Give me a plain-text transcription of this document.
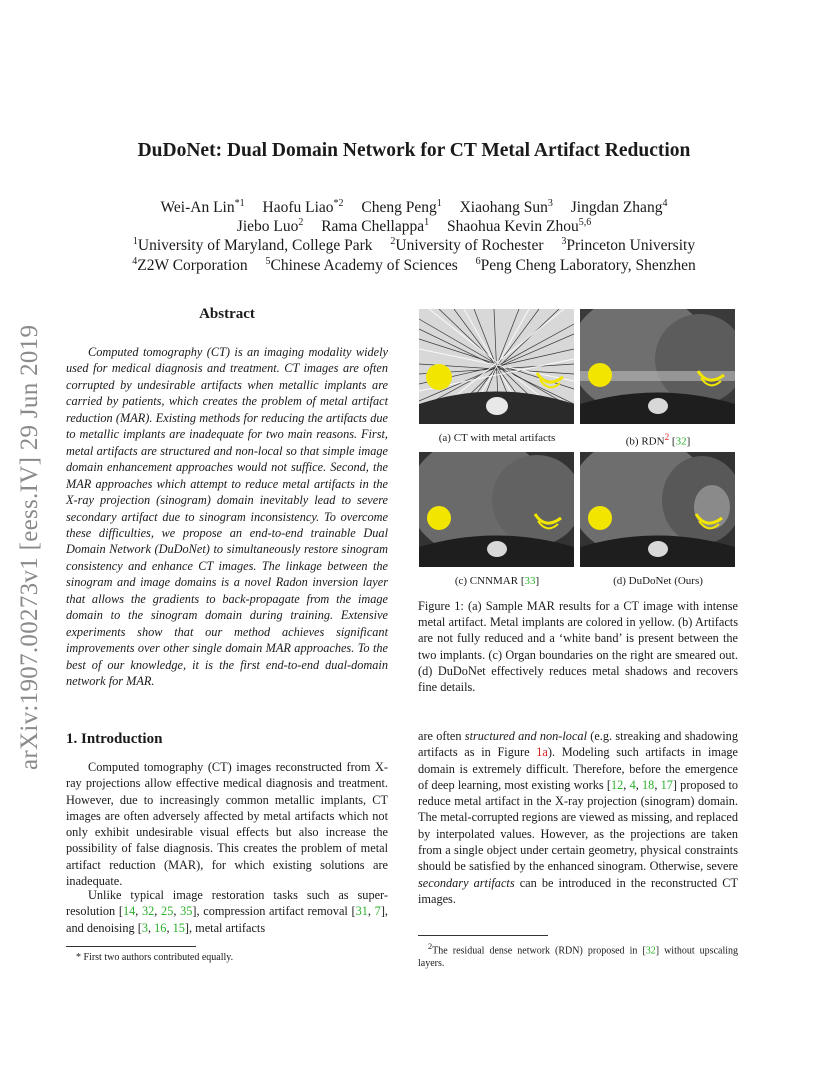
arXiv:1907.00273v1 [eess.IV] 29 Jun 2019
DuDoNet: Dual Domain Network for CT Metal Artifact Reduction
Wei-An Lin$^{*1}$ Haofu Liao$^{*2}$ Cheng Peng$^1$ Xiaohang Sun$^3$ Jingdan Zhang$^4$
Jiebo Luo$^2$ Rama Chellappa$^1$ Shaohua Kevin Zhou$^{5,6}$
$^1$University of Maryland, College Park $^2$University of Rochester $^3$Princeton University
$^4$Z2W Corporation $^5$Chinese Academy of Sciences $^6$Peng Cheng Laboratory, Shenzhen
Abstract

Computed tomography (CT) is an imaging modality widely used for medical diagnosis and treatment. CT images are often corrupted by undesirable artifacts when metallic implants are carried by patients, which creates the problem of metal artifact reduction (MAR). Existing methods for reducing the artifacts due to metallic implants are inadequate for two main reasons. First, metal artifacts are structured and non-local so that simple image domain enhancement approaches would not suffice. Second, the MAR approaches which attempt to reduce metal artifacts in the X-ray projection (sinogram) domain inevitably lead to severe secondary artifact due to sinogram inconsistency. To overcome these difficulties, we propose an end-to-end trainable Dual Domain Network (DuDoNet) to simultaneously restore sinogram consistency and enhance CT images. The linkage between the sinogram and image domains is a novel Radon inversion layer that allows the gradients to back-propagate from the image domain to the sinogram domain during training. Extensive experiments show that our method achieves significant improvements over other single domain MAR approaches. To the best of our knowledge, it is the first end-to-end dual-domain network for MAR.

1. Introduction

Computed tomography (CT) images reconstructed from X-ray projections allow effective medical diagnosis and treatment. However, due to increasingly common metallic implants, CT images are often adversely affected by metal artifacts which not only exhibit undesirable visual effects but also increase the possibility of false diagnosis. This creates the problem of metal artifact reduction (MAR), for which existing solutions are inadequate.

Unlike typical image restoration tasks such as super-resolution [14, 32, 25, 35], compression artifact removal [31, 7], and denoising [3, 16, 15], metal artifacts

are often structured and non-local (e.g. streaking and shadowing artifacts as in Figure 1a). Modeling such artifacts in image domain is extremely difficult. Therefore, before the emergence of deep learning, most existing works [12, 4, 18, 17] proposed to reduce metal artifact in the X-ray projection (sinogram) domain. The metal-corrupted regions are viewed as missing, and replaced by interpolated values. However, as the projections are taken from a single object under certain geometry, physical constraints should be satisfied by the enhanced sinogram. Otherwise, severe secondary artifacts can be introduced in the reconstructed CT images.

(a) CT with metal artifacts	(b) RDN$^2$ [32]
(c) CNNMAR [33]	(d) DuDoNet (Ours)

Figure 1: (a) Sample MAR results for a CT image with intense metal artifact. Metal implants are colored in yellow. (b) Artifacts are not fully reduced and a ‘white band’ is present between the two implants. (c) Organ boundaries on the right are smeared out. (d) DuDoNet effectively reduces metal shadows and recovers fine details.

* First two authors contributed equally.

$^2$The residual dense network (RDN) proposed in [32] without upscaling layers.
